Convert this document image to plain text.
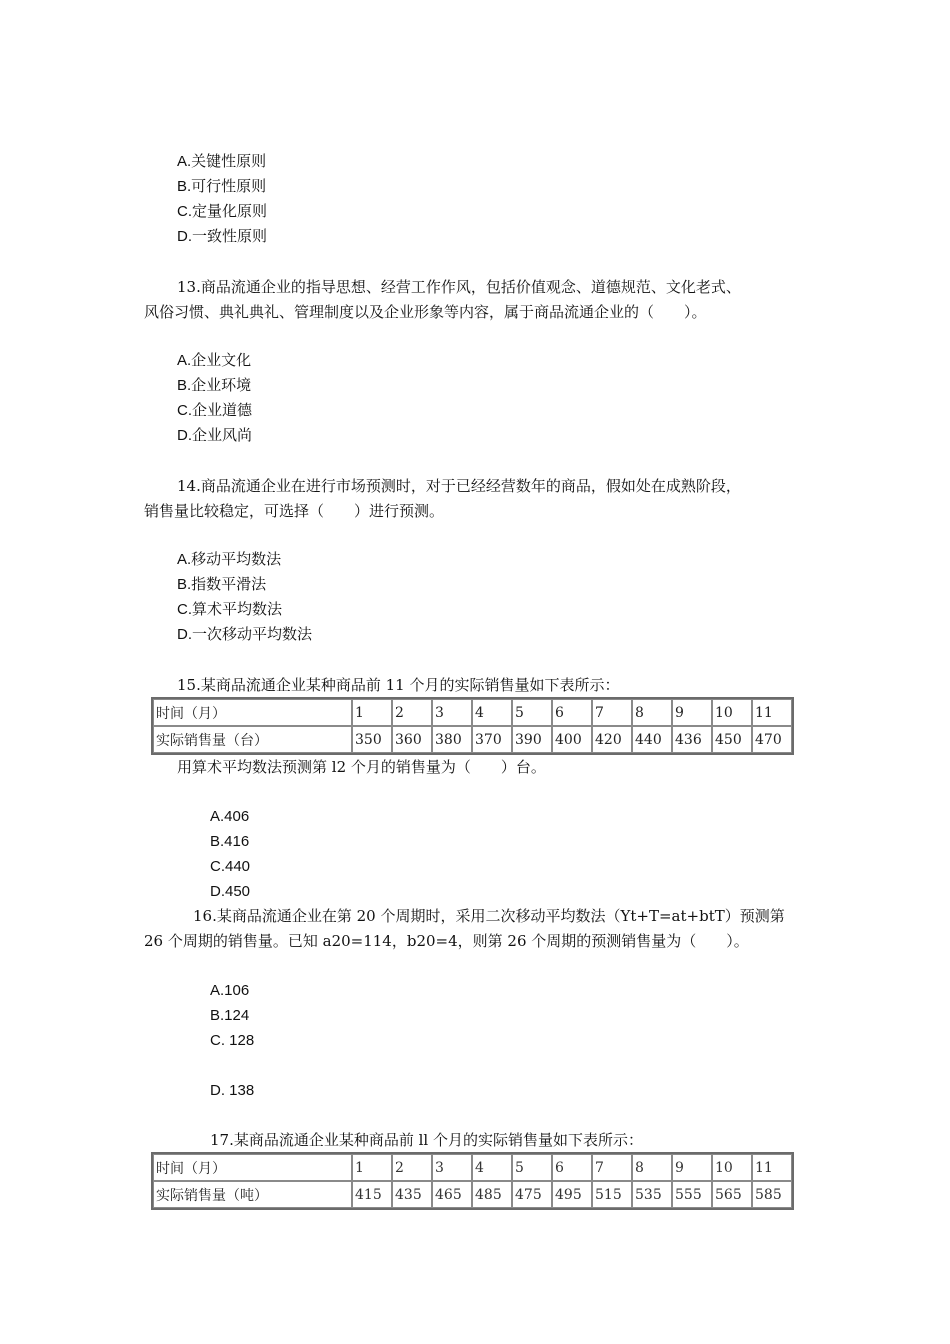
A.关键性原则
B.可行性原则
C.定量化原则
D.一致性原则
13.商品流通企业的指导思想、经营工作作风，包括价值观念、道德规范、文化老式、
风俗习惯、典礼典礼、管理制度以及企业形象等内容，属于商品流通企业的（　　）。
A.企业文化
B.企业环境
C.企业道德
D.企业风尚
14.商品流通企业在进行市场预测时，对于已经经营数年的商品，假如处在成熟阶段，
销售量比较稳定，可选择（　　）进行预测。
A.移动平均数法
B.指数平滑法
C.算术平均数法
D.一次移动平均数法
15.某商品流通企业某种商品前 11 个月的实际销售量如下表所示：
时间（月）	1	2	3	4	5	6	7	8	9	10	11
实际销售量（台）	350	360	380	370	390	400	420	440	436	450	470
用算术平均数法预测第 l2 个月的销售量为（　　）台。
A.406
B.416
C.440
D.450
16.某商品流通企业在第 20 个周期时，采用二次移动平均数法（Yt+T=at+btT）预测第
26 个周期的销售量。已知 a20=114，b20=4，则第 26 个周期的预测销售量为（　　）。
A.106
B.124
C. 128
D. 138
17.某商品流通企业某种商品前 ll 个月的实际销售量如下表所示：
时间（月）	1	2	3	4	5	6	7	8	9	10	11
实际销售量（吨）	415	435	465	485	475	495	515	535	555	565	585
